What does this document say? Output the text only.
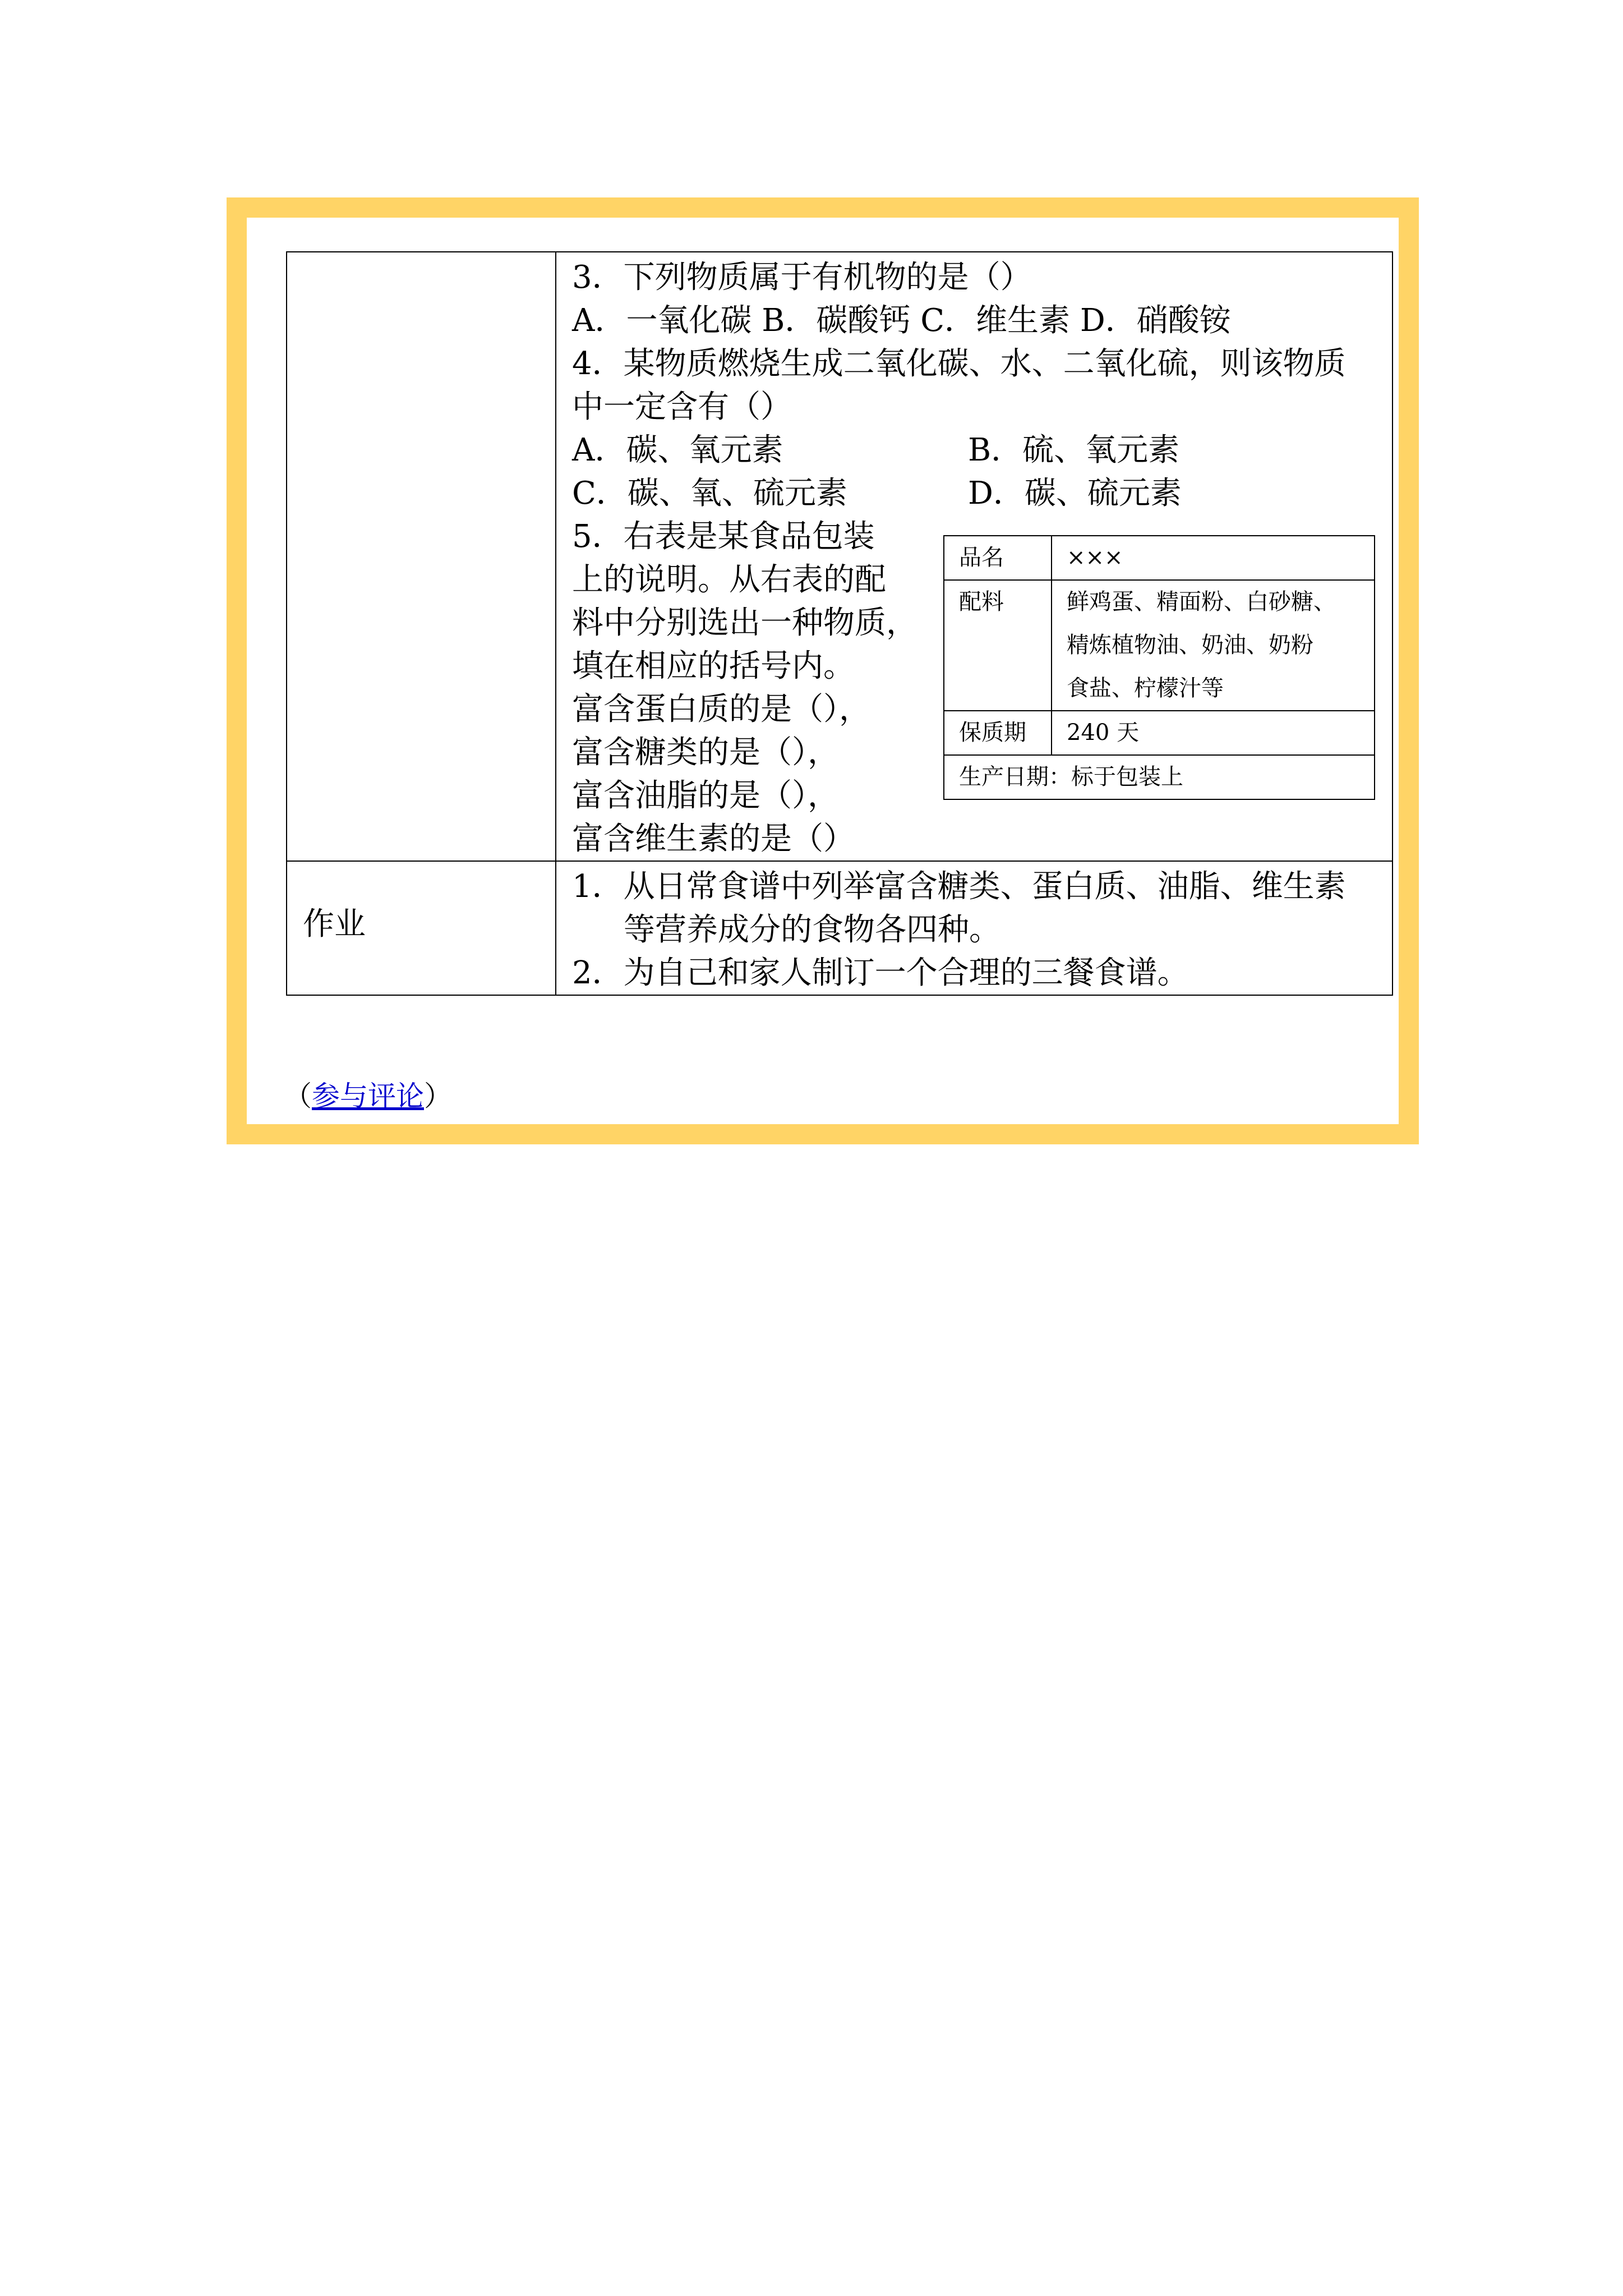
3．下列物质属于有机物的是（）
A．一氧化碳 B．碳酸钙 C．维生素 D．硝酸铵
4．某物质燃烧生成二氧化碳、水、二氧化硫，则该物质
中一定含有（）
A．碳、氧元素	B．硫、氧元素
C．碳、氧、硫元素	D．碳、硫元素
5．右表是某食品包装
上的说明。从右表的配
料中分别选出一种物质，
填在相应的括号内。
富含蛋白质的是（），
富含糖类的是（），
富含油脂的是（），
富含维生素的是（）
品名	×××
配料	鲜鸡蛋、精面粉、白砂糖、
精炼植物油、奶油、奶粉
食盐、柠檬汁等

保质期	240 天
生产日期：标于包装上

作业

1．从日常食谱中列举富含糖类、蛋白质、油脂、维生素
等营养成分的食物各四种。
2．为自己和家人制订一个合理的三餐食谱。
（参与评论）
